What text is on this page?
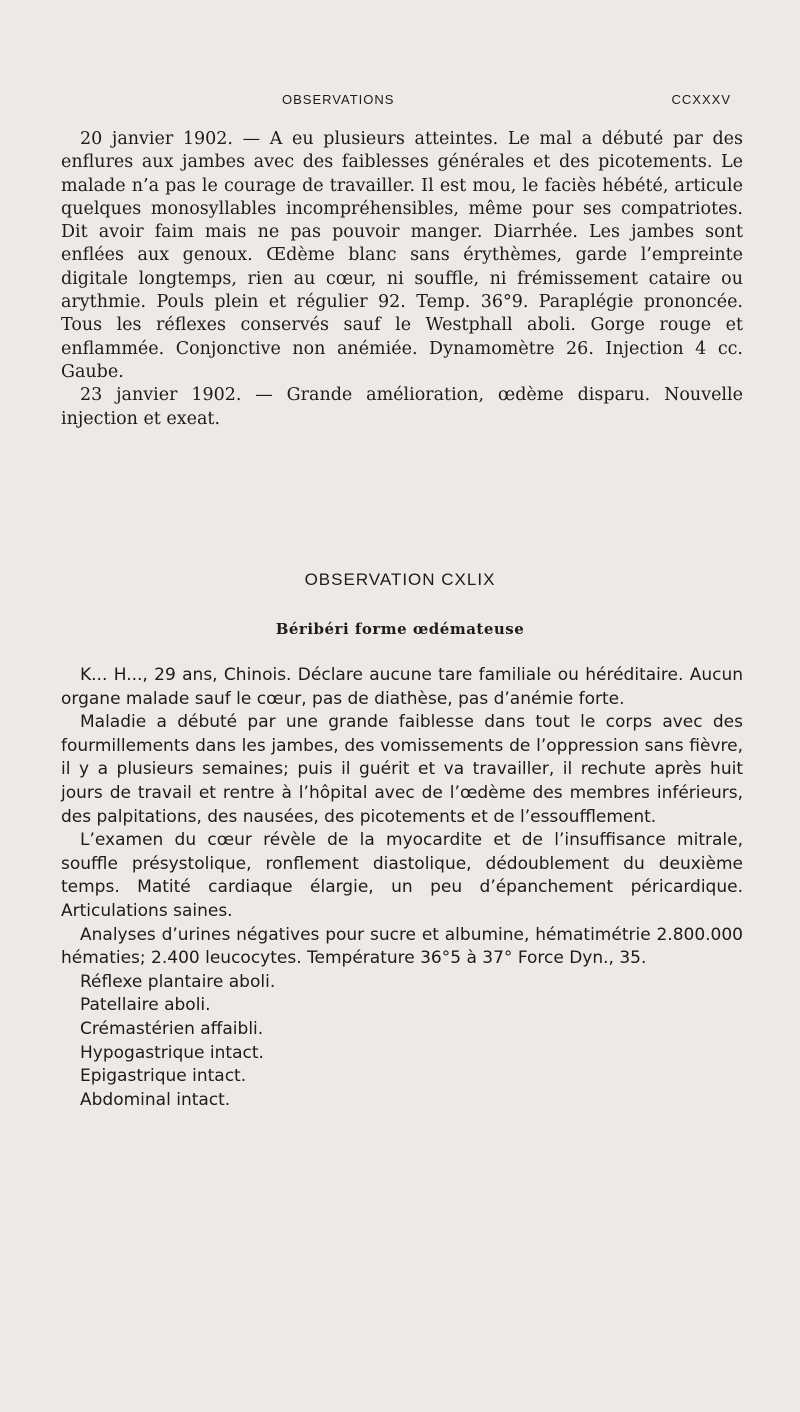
OBSERVATIONS	CCXXXV

20 janvier 1902. — A eu plusieurs atteintes. Le mal a débuté par des enflures aux jambes avec des faiblesses générales et des picotements. Le malade n’a pas le courage de travailler. Il est mou, le faciès hébété, articule quelques monosyllables incompréhensibles, même pour ses compatriotes. Dit avoir faim mais ne pas pouvoir manger. Diarrhée. Les jambes sont enflées aux genoux. Œdème blanc sans érythèmes, garde l’empreinte digitale longtemps, rien au cœur, ni souffle, ni frémissement cataire ou arythmie. Pouls plein et régulier 92. Temp. 36°9. Paraplégie prononcée. Tous les réflexes conservés sauf le Westphall aboli. Gorge rouge et enflammée. Conjonctive non anémiée. Dynamomètre 26. Injection 4 cc. Gaube.

23 janvier 1902. — Grande amélioration, œdème disparu. Nouvelle injection et exeat.

OBSERVATION CXLIX
Béribéri forme œdémateuse

K... H..., 29 ans, Chinois. Déclare aucune tare familiale ou héréditaire. Aucun organe malade sauf le cœur, pas de diathèse, pas d’anémie forte.

Maladie a débuté par une grande faiblesse dans tout le corps avec des fourmillements dans les jambes, des vomissements de l’oppression sans fièvre, il y a plusieurs semaines; puis il guérit et va travailler, il rechute après huit jours de travail et rentre à l’hôpital avec de l’œdème des membres inférieurs, des palpitations, des nausées, des picotements et de l’essoufflement.

L’examen du cœur révèle de la myocardite et de l’insuffisance mitrale, souffle présystolique, ronflement diastolique, dédoublement du deuxième temps. Matité cardiaque élargie, un peu d’épanchement péricardique. Articulations saines.

Analyses d’urines négatives pour sucre et albumine, hématimétrie 2.800.000 hématies; 2.400 leucocytes. Température 36°5 à 37° Force Dyn., 35.

Réflexe plantaire aboli.

Patellaire aboli.

Crémastérien affaibli.

Hypogastrique intact.

Epigastrique intact.

Abdominal intact.
